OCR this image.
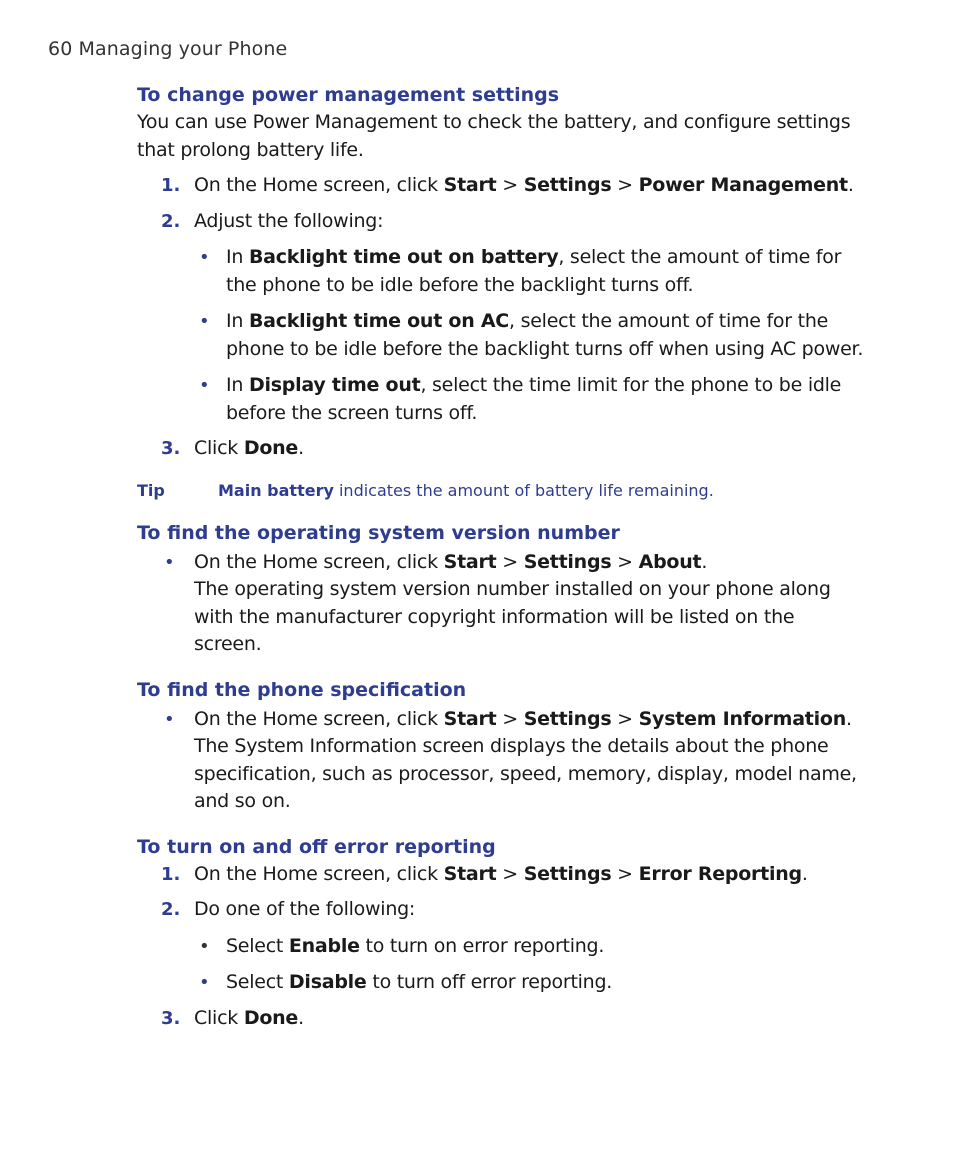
60 Managing your Phone
To change power management settings

You can use Power Management to check the battery, and configure settings that prolong battery life.

1. On the Home screen, click Start > Settings > Power Management.

2. Adjust the following:

• In Backlight time out on battery, select the amount of time for the phone to be idle before the backlight turns off.

• In Backlight time out on AC, select the amount of time for the phone to be idle before the backlight turns off when using AC power.

• In Display time out, select the time limit for the phone to be idle before the screen turns off.

3. Click Done.

Tip	Main battery indicates the amount of battery life remaining.
To find the operating system version number
• On the Home screen, click Start > Settings > About.

The operating system version number installed on your phone along with the manufacturer copyright information will be listed on the screen.

To find the phone specification
• On the Home screen, click Start > Settings > System Information.

The System Information screen displays the details about the phone specification, such as processor, speed, memory, display, model name, and so on.

To turn on and off error reporting
1. On the Home screen, click Start > Settings > Error Reporting.

2. Do one of the following:

• Select Enable to turn on error reporting.

• Select Disable to turn off error reporting.

3. Click Done.
